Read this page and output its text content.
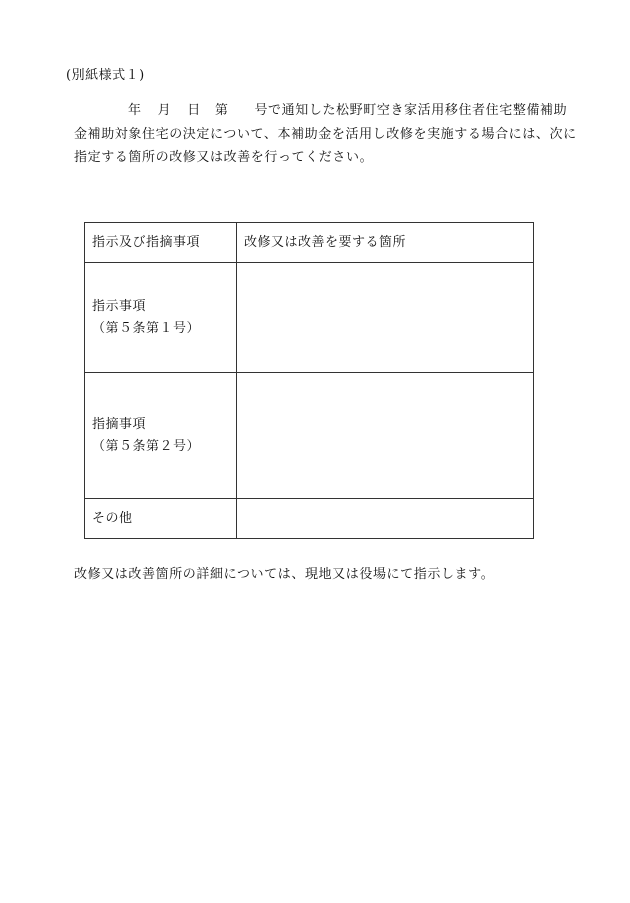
(別紙様式１)
年 月 日 第 号で通知した松野町空き家活用移住者住宅整備補助
金補助対象住宅の決定について、本補助金を活用し改修を実施する場合には、次に
指定する箇所の改修又は改善を行ってください。
指示及び指摘事項	改修又は改善を要する箇所

指示事項
（第５条第１号）	

指摘事項
（第５条第２号）	

その他	

改修又は改善箇所の詳細については、現地又は役場にて指示します。
